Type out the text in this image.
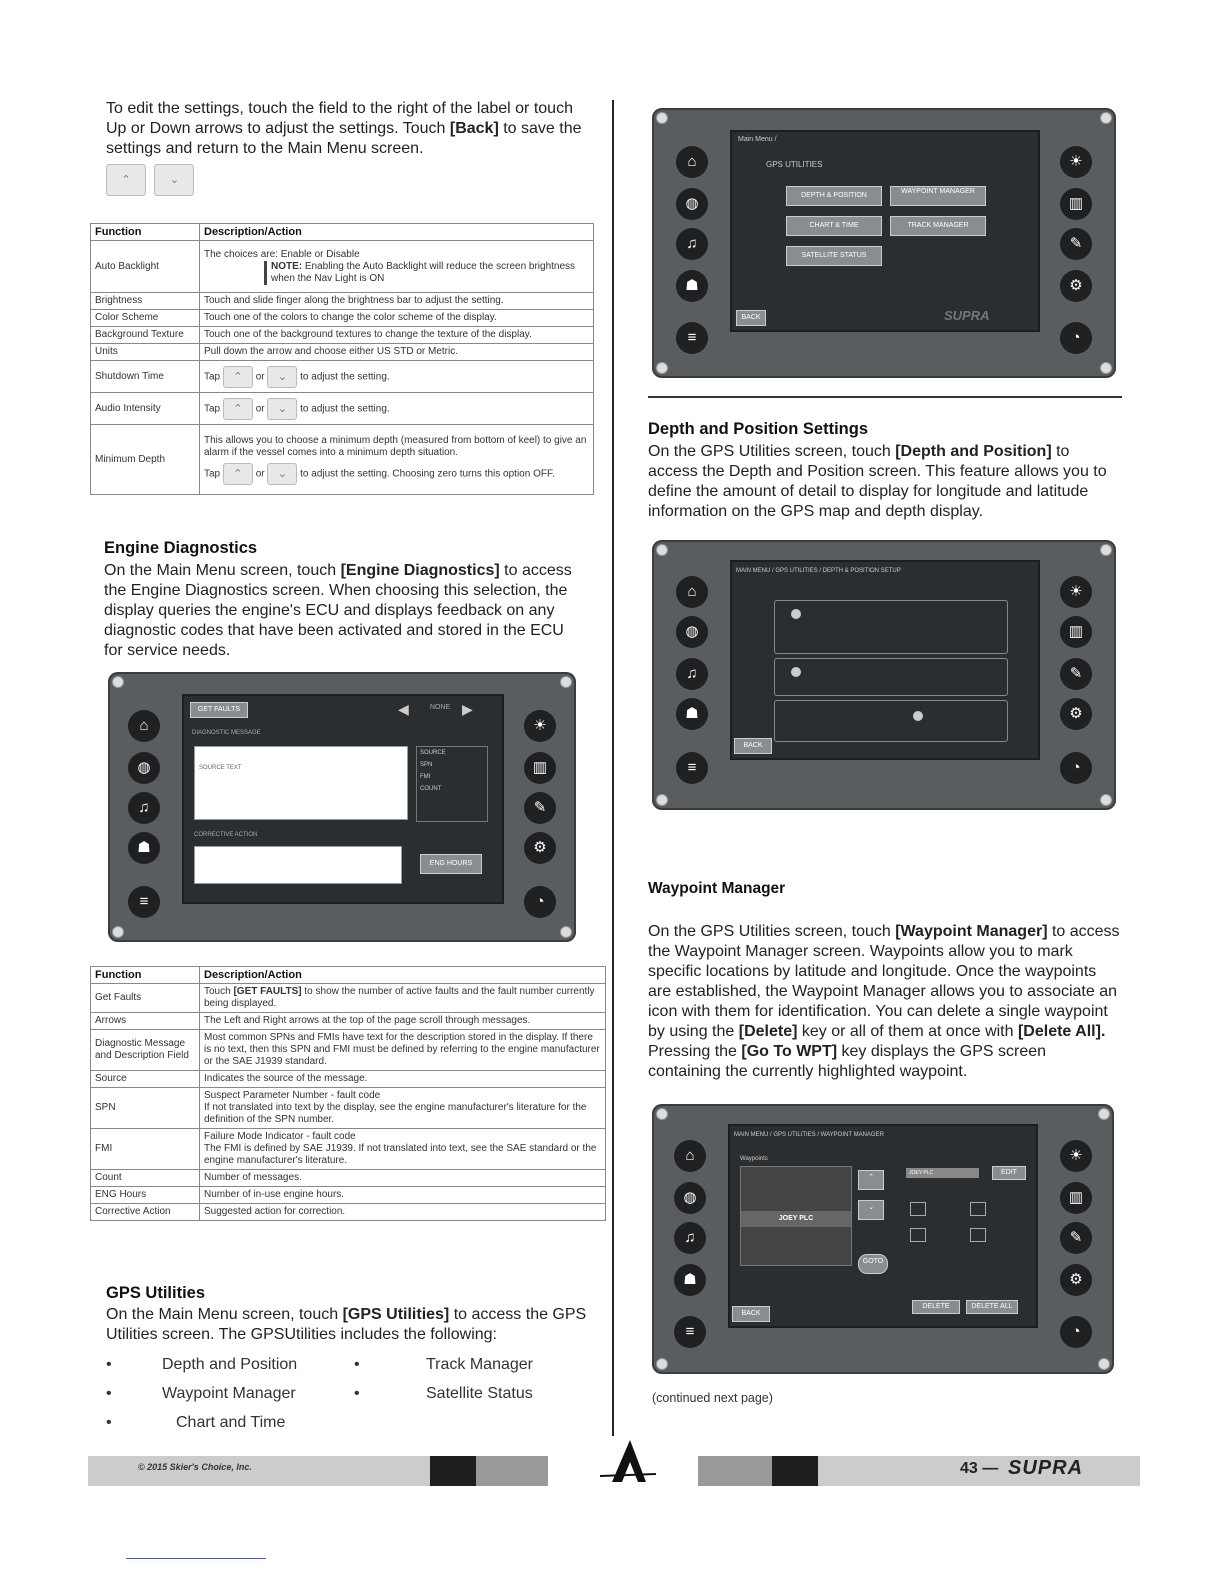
To edit the settings, touch the field to the right of the label or touch Up or Down arrows to adjust the settings. Touch [Back] to save the settings and return to the Main Menu screen.
⌃	⌄
Function	Description/Action
Auto Backlight	The choices are: Enable or Disable
NOTE: Enabling the Auto Backlight will reduce the screen brightness when the Nav Light is ON

Brightness	Touch and slide finger along the brightness bar to adjust the setting.
Color Scheme	Touch one of the colors to change the color scheme of the display.
Background Texture	Touch one of the background textures to change the texture of the display.
Units	Pull down the arrow and choose either US STD or Metric.
Shutdown Time	Tap ⌃ or ⌄ to adjust the setting.
Audio Intensity	Tap ⌃ or ⌄ to adjust the setting.
Minimum Depth	This allows you to choose a minimum depth (measured from bottom of keel) to give an alarm if the vessel comes into a minimum depth situation.
Tap ⌃ or ⌄ to adjust the setting. Choosing zero turns this option OFF.
Engine Diagnostics
On the Main Menu screen, touch [Engine Diagnostics] to access the Engine Diagnostics screen. When choosing this selection, the display queries the engine's ECU and displays feedback on any diagnostic codes that have been activated and stored in the ECU for service needs.
⌂
◍
♫
☗
≡
☀
▥
✎
⚙
◔
GET FAULTS	◀	NONE ▶
DIAGNOSTIC MESSAGE
SOURCE TEXT
SOURCE
SPN
FMI
COUNT
CORRECTIVE ACTION
ENG HOURS
Function	Description/Action
Get Faults	Touch [GET FAULTS] to show the number of active faults and the fault number currently being displayed.
Arrows	The Left and Right arrows at the top of the page scroll through messages.
Diagnostic Message and Description Field	Most common SPNs and FMIs have text for the description stored in the display. If there is no text, then this SPN and FMI must be defined by referring to the engine manufacturer or the SAE J1939 standard.
Source	Indicates the source of the message.
SPN	Suspect Parameter Number - fault code
If not translated into text by the display, see the engine manufacturer's literature for the definition of the SPN number.
FMI	Failure Mode Indicator - fault code
The FMI is defined by SAE J1939. If not translated into text, see the SAE standard or the engine manufacturer's literature.
Count	Number of messages.
ENG Hours	Number of in-use engine hours.
Corrective Action	Suggested action for correction.
GPS Utilities
On the Main Menu screen, touch [GPS Utilities] to access the GPS Utilities screen. The GPSUtilities includes the following:
•	Depth and Position
•	Waypoint Manager
•	Chart and Time
•	Track Manager
•	Satellite Status
⌂
◍
♫
☗
≡
☀
▥
✎
⚙
◔
Main Menu /
GPS UTILITIES
DEPTH & POSITION
WAYPOINT MANAGER
CHART & TIME	TRACK MANAGER
SATELLITE STATUS
BACK	SUPRA
Depth and Position Settings
On the GPS Utilities screen, touch [Depth and Position] to access the Depth and Position screen. This feature allows you to define the amount of detail to display for longitude and latitude information on the GPS map and depth display.
⌂
◍
♫
☗
≡
☀
▥
✎
⚙
◔
MAIN MENU / GPS UTILITIES / DEPTH & POSITION SETUP
BACK
Waypoint Manager
On the GPS Utilities screen, touch [Waypoint Manager] to access the Waypoint Manager screen. Waypoints allow you to mark specific locations by latitude and longitude. Once the waypoints are established, the Waypoint Manager allows you to associate an icon with them for identification. You can delete a single waypoint by using the [Delete] key or all of them at once with [Delete All]. Pressing the [Go To WPT] key displays the GPS screen containing the currently highlighted waypoint.
⌂
◍
♫
☗
≡
☀
▥
✎
⚙
◔
MAIN MENU / GPS UTILITIES / WAYPOINT MANAGER
Waypoints
JOEY PLC
⌃
⌄
GOTO
JOEY PLC	EDIT
DELETE	DELETE ALL
BACK
(continued next page)
© 2015 Skier's Choice, Inc.	43 — SUPRA
